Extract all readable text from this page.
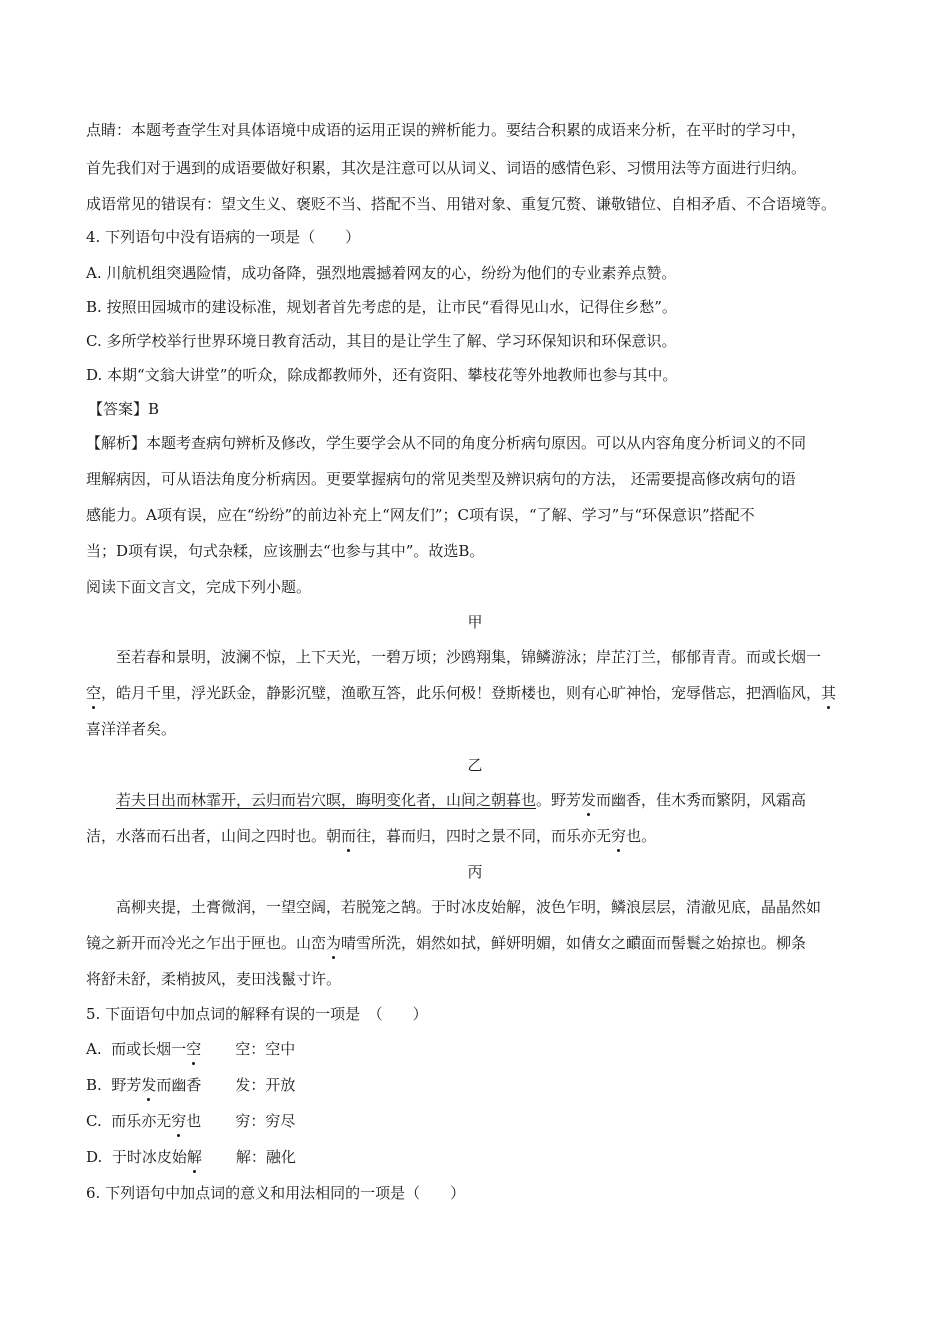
点睛：本题考查学生对具体语境中成语的运用正误的辨析能力。要结合积累的成语来分析，在平时的学习中，
首先我们对于遇到的成语要做好积累，其次是注意可以从词义、词语的感情色彩、习惯用法等方面进行归纳。
成语常见的错误有：望文生义、褒贬不当、搭配不当、用错对象、重复冗赘、谦敬错位、自相矛盾、不合语境等。
4. 下列语句中没有语病的一项是（　　）
A. 川航机组突遇险情，成功备降，强烈地震撼着网友的心，纷纷为他们的专业素养点赞。
B. 按照田园城市的建设标准，规划者首先考虑的是，让市民“看得见山水，记得住乡愁”。
C. 多所学校举行世界环境日教育活动，其目的是让学生了解、学习环保知识和环保意识。
D. 本期“文翁大讲堂”的听众，除成都教师外，还有资阳、攀枝花等外地教师也参与其中。
【答案】B
【解析】本题考查病句辨析及修改，学生要学会从不同的角度分析病句原因。可以从内容角度分析词义的不同
理解病因，可从语法角度分析病因。更要掌握病句的常见类型及辨识病句的方法， 还需要提高修改病句的语
感能力。A项有误，应在“纷纷”的前边补充上“网友们”；C项有误，“了解、学习”与“环保意识”搭配不
当；D项有误，句式杂糅，应该删去“也参与其中”。故选B。
阅读下面文言文，完成下列小题。
甲
至若春和景明，波澜不惊，上下天光，一碧万顷；沙鸥翔集，锦鳞游泳；岸芷汀兰，郁郁青青。而或长烟一
空，皓月千里，浮光跃金，静影沉璧，渔歌互答，此乐何极！登斯楼也，则有心旷神怡，宠辱偕忘，把酒临风，其
喜洋洋者矣。
乙
若夫日出而林霏开，云归而岩穴暝，晦明变化者，山间之朝暮也。野芳发而幽香，佳木秀而繁阴，风霜高
洁，水落而石出者，山间之四时也。朝而往，暮而归，四时之景不同，而乐亦无穷也。
丙
高柳夹提，土膏微润，一望空阔，若脱笼之鹄。于时冰皮始解，波色乍明，鳞浪层层，清澈见底，晶晶然如
镜之新开而冷光之乍出于匣也。山峦为晴雪所洗，娟然如拭，鲜妍明媚，如倩女之靧面而髻鬟之始掠也。柳条
将舒未舒，柔梢披风，麦田浅鬣寸许。
5. 下面语句中加点词的解释有误的一项是　（　　）
A. 而或长烟一空 空：空中
B. 野芳发而幽香 发：开放
C. 而乐亦无穷也 穷：穷尽
D. 于时冰皮始解 解：融化
6. 下列语句中加点词的意义和用法相同的一项是（　　）
